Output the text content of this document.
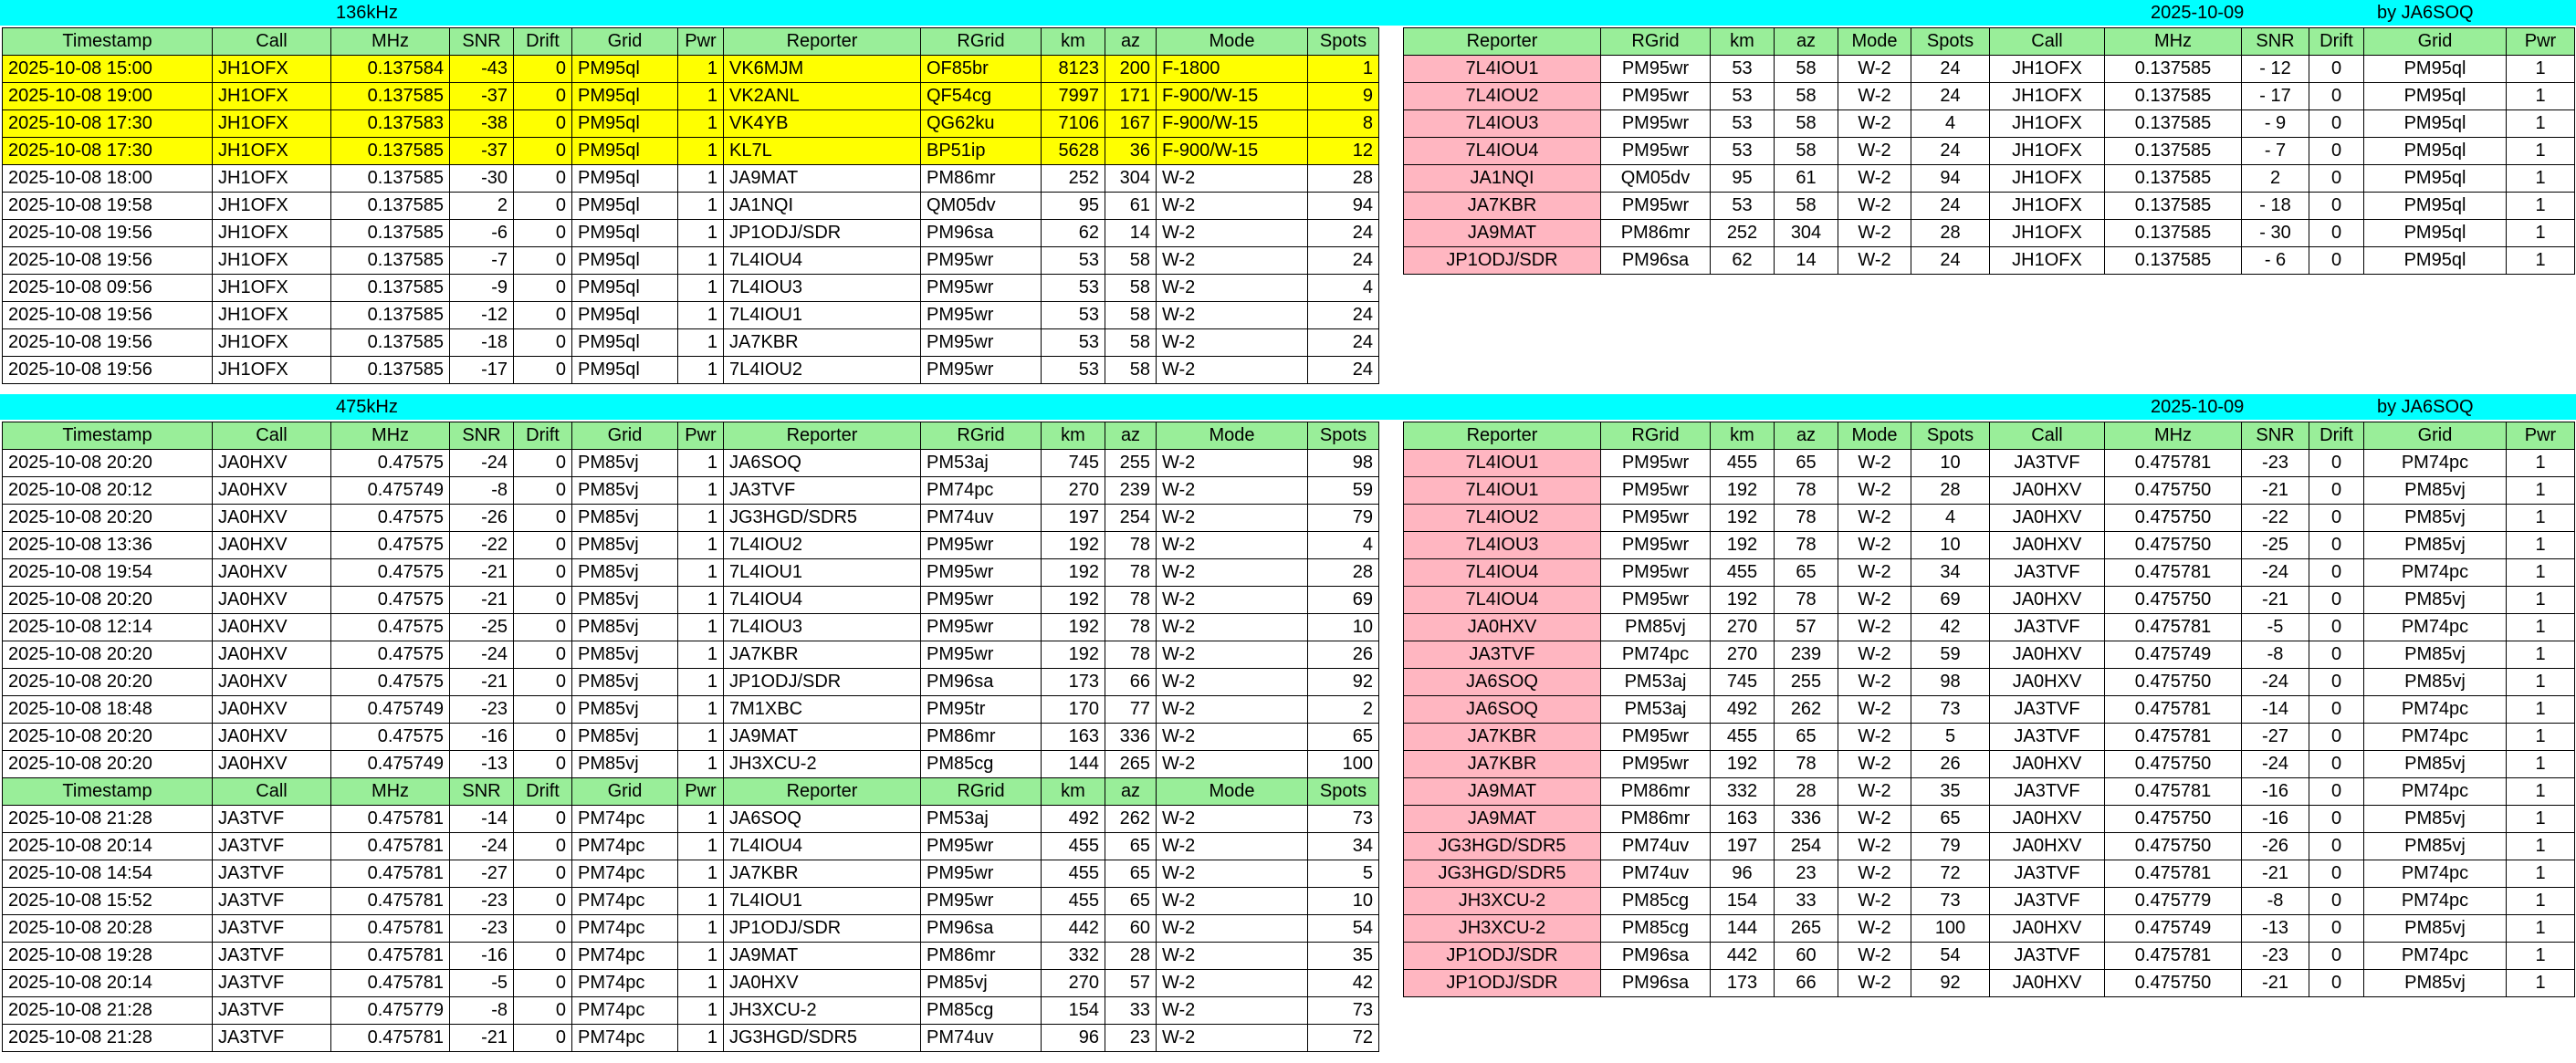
136kHz	2025-10-09	by JA6SOQ
Timestamp	Call	MHz	SNR	Drift	Grid	Pwr	Reporter	RGrid	km	az	Mode	Spots
2025-10-08 15:00	JH1OFX	0.137584	-43	0	PM95ql	1	VK6MJM	OF85br	8123	200	F-1800	1
2025-10-08 19:00	JH1OFX	0.137585	-37	0	PM95ql	1	VK2ANL	QF54cg	7997	171	F-900/W-15	9
2025-10-08 17:30	JH1OFX	0.137583	-38	0	PM95ql	1	VK4YB	QG62ku	7106	167	F-900/W-15	8
2025-10-08 17:30	JH1OFX	0.137585	-37	0	PM95ql	1	KL7L	BP51ip	5628	36	F-900/W-15	12
2025-10-08 18:00	JH1OFX	0.137585	-30	0	PM95ql	1	JA9MAT	PM86mr	252	304	W-2	28
2025-10-08 19:58	JH1OFX	0.137585	2	0	PM95ql	1	JA1NQI	QM05dv	95	61	W-2	94
2025-10-08 19:56	JH1OFX	0.137585	-6	0	PM95ql	1	JP1ODJ/SDR	PM96sa	62	14	W-2	24
2025-10-08 19:56	JH1OFX	0.137585	-7	0	PM95ql	1	7L4IOU4	PM95wr	53	58	W-2	24
2025-10-08 09:56	JH1OFX	0.137585	-9	0	PM95ql	1	7L4IOU3	PM95wr	53	58	W-2	4
2025-10-08 19:56	JH1OFX	0.137585	-12	0	PM95ql	1	7L4IOU1	PM95wr	53	58	W-2	24
2025-10-08 19:56	JH1OFX	0.137585	-18	0	PM95ql	1	JA7KBR	PM95wr	53	58	W-2	24
2025-10-08 19:56	JH1OFX	0.137585	-17	0	PM95ql	1	7L4IOU2	PM95wr	53	58	W-2	24
Reporter	RGrid	km	az	Mode	Spots	Call	MHz	SNR	Drift	Grid	Pwr
7L4IOU1	PM95wr	53	58	W-2	24	JH1OFX	0.137585	- 12	0	PM95ql	1
7L4IOU2	PM95wr	53	58	W-2	24	JH1OFX	0.137585	- 17	0	PM95ql	1
7L4IOU3	PM95wr	53	58	W-2	4	JH1OFX	0.137585	- 9	0	PM95ql	1
7L4IOU4	PM95wr	53	58	W-2	24	JH1OFX	0.137585	- 7	0	PM95ql	1
JA1NQI	QM05dv	95	61	W-2	94	JH1OFX	0.137585	2	0	PM95ql	1
JA7KBR	PM95wr	53	58	W-2	24	JH1OFX	0.137585	- 18	0	PM95ql	1
JA9MAT	PM86mr	252	304	W-2	28	JH1OFX	0.137585	- 30	0	PM95ql	1
JP1ODJ/SDR	PM96sa	62	14	W-2	24	JH1OFX	0.137585	- 6	0	PM95ql	1
475kHz	2025-10-09	by JA6SOQ
Timestamp	Call	MHz	SNR	Drift	Grid	Pwr	Reporter	RGrid	km	az	Mode	Spots
2025-10-08 20:20	JA0HXV	0.47575	-24	0	PM85vj	1	JA6SOQ	PM53aj	745	255	W-2	98
2025-10-08 20:12	JA0HXV	0.475749	-8	0	PM85vj	1	JA3TVF	PM74pc	270	239	W-2	59
2025-10-08 20:20	JA0HXV	0.47575	-26	0	PM85vj	1	JG3HGD/SDR5	PM74uv	197	254	W-2	79
2025-10-08 13:36	JA0HXV	0.47575	-22	0	PM85vj	1	7L4IOU2	PM95wr	192	78	W-2	4
2025-10-08 19:54	JA0HXV	0.47575	-21	0	PM85vj	1	7L4IOU1	PM95wr	192	78	W-2	28
2025-10-08 20:20	JA0HXV	0.47575	-21	0	PM85vj	1	7L4IOU4	PM95wr	192	78	W-2	69
2025-10-08 12:14	JA0HXV	0.47575	-25	0	PM85vj	1	7L4IOU3	PM95wr	192	78	W-2	10
2025-10-08 20:20	JA0HXV	0.47575	-24	0	PM85vj	1	JA7KBR	PM95wr	192	78	W-2	26
2025-10-08 20:20	JA0HXV	0.47575	-21	0	PM85vj	1	JP1ODJ/SDR	PM96sa	173	66	W-2	92
2025-10-08 18:48	JA0HXV	0.475749	-23	0	PM85vj	1	7M1XBC	PM95tr	170	77	W-2	2
2025-10-08 20:20	JA0HXV	0.47575	-16	0	PM85vj	1	JA9MAT	PM86mr	163	336	W-2	65
2025-10-08 20:20	JA0HXV	0.475749	-13	0	PM85vj	1	JH3XCU-2	PM85cg	144	265	W-2	100
Timestamp	Call	MHz	SNR	Drift	Grid	Pwr	Reporter	RGrid	km	az	Mode	Spots
2025-10-08 21:28	JA3TVF	0.475781	-14	0	PM74pc	1	JA6SOQ	PM53aj	492	262	W-2	73
2025-10-08 20:14	JA3TVF	0.475781	-24	0	PM74pc	1	7L4IOU4	PM95wr	455	65	W-2	34
2025-10-08 14:54	JA3TVF	0.475781	-27	0	PM74pc	1	JA7KBR	PM95wr	455	65	W-2	5
2025-10-08 15:52	JA3TVF	0.475781	-23	0	PM74pc	1	7L4IOU1	PM95wr	455	65	W-2	10
2025-10-08 20:28	JA3TVF	0.475781	-23	0	PM74pc	1	JP1ODJ/SDR	PM96sa	442	60	W-2	54
2025-10-08 19:28	JA3TVF	0.475781	-16	0	PM74pc	1	JA9MAT	PM86mr	332	28	W-2	35
2025-10-08 20:14	JA3TVF	0.475781	-5	0	PM74pc	1	JA0HXV	PM85vj	270	57	W-2	42
2025-10-08 21:28	JA3TVF	0.475779	-8	0	PM74pc	1	JH3XCU-2	PM85cg	154	33	W-2	73
2025-10-08 21:28	JA3TVF	0.475781	-21	0	PM74pc	1	JG3HGD/SDR5	PM74uv	96	23	W-2	72
Reporter	RGrid	km	az	Mode	Spots	Call	MHz	SNR	Drift	Grid	Pwr
7L4IOU1	PM95wr	455	65	W-2	10	JA3TVF	0.475781	-23	0	PM74pc	1
7L4IOU1	PM95wr	192	78	W-2	28	JA0HXV	0.475750	-21	0	PM85vj	1
7L4IOU2	PM95wr	192	78	W-2	4	JA0HXV	0.475750	-22	0	PM85vj	1
7L4IOU3	PM95wr	192	78	W-2	10	JA0HXV	0.475750	-25	0	PM85vj	1
7L4IOU4	PM95wr	455	65	W-2	34	JA3TVF	0.475781	-24	0	PM74pc	1
7L4IOU4	PM95wr	192	78	W-2	69	JA0HXV	0.475750	-21	0	PM85vj	1
JA0HXV	PM85vj	270	57	W-2	42	JA3TVF	0.475781	-5	0	PM74pc	1
JA3TVF	PM74pc	270	239	W-2	59	JA0HXV	0.475749	-8	0	PM85vj	1
JA6SOQ	PM53aj	745	255	W-2	98	JA0HXV	0.475750	-24	0	PM85vj	1
JA6SOQ	PM53aj	492	262	W-2	73	JA3TVF	0.475781	-14	0	PM74pc	1
JA7KBR	PM95wr	455	65	W-2	5	JA3TVF	0.475781	-27	0	PM74pc	1
JA7KBR	PM95wr	192	78	W-2	26	JA0HXV	0.475750	-24	0	PM85vj	1
JA9MAT	PM86mr	332	28	W-2	35	JA3TVF	0.475781	-16	0	PM74pc	1
JA9MAT	PM86mr	163	336	W-2	65	JA0HXV	0.475750	-16	0	PM85vj	1
JG3HGD/SDR5	PM74uv	197	254	W-2	79	JA0HXV	0.475750	-26	0	PM85vj	1
JG3HGD/SDR5	PM74uv	96	23	W-2	72	JA3TVF	0.475781	-21	0	PM74pc	1
JH3XCU-2	PM85cg	154	33	W-2	73	JA3TVF	0.475779	-8	0	PM74pc	1
JH3XCU-2	PM85cg	144	265	W-2	100	JA0HXV	0.475749	-13	0	PM85vj	1
JP1ODJ/SDR	PM96sa	442	60	W-2	54	JA3TVF	0.475781	-23	0	PM74pc	1
JP1ODJ/SDR	PM96sa	173	66	W-2	92	JA0HXV	0.475750	-21	0	PM85vj	1
